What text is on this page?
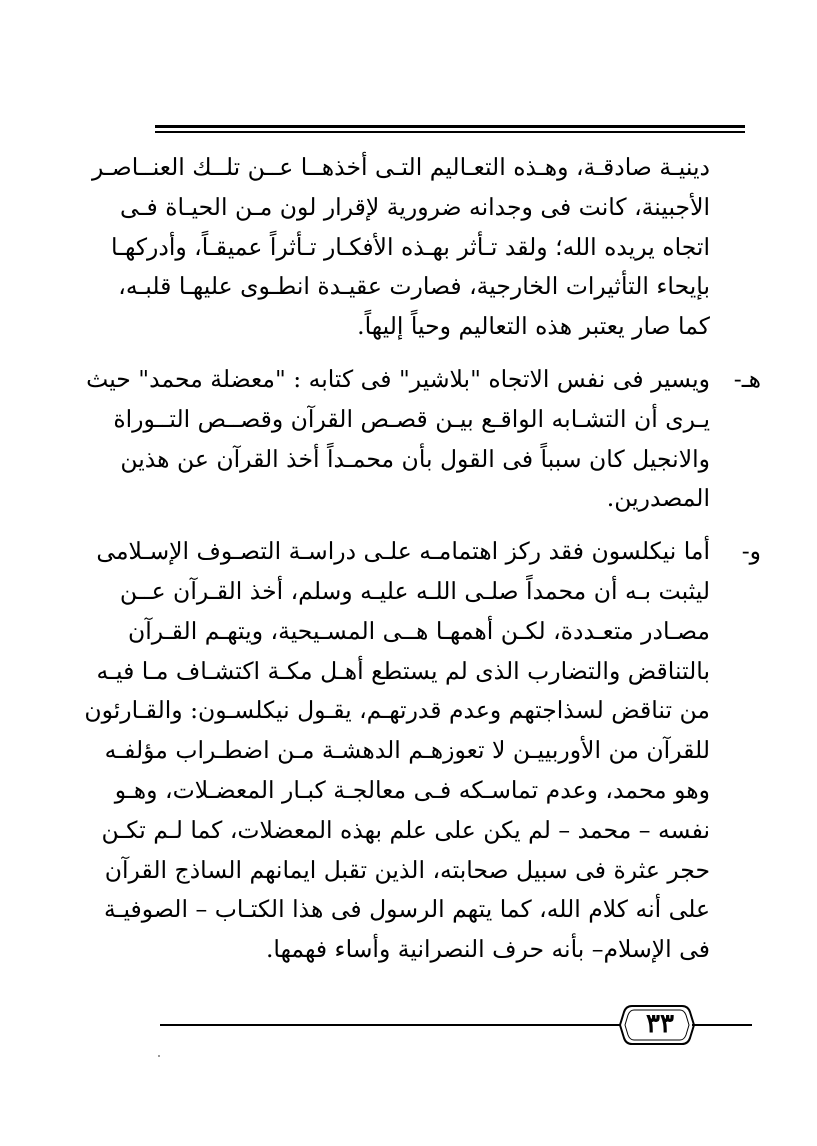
دينيـة صادقـة، وهـذه التعـاليم التـى أخذهــا عــن تلــك العنــاصـر
الأجبينة، كانت فى وجدانه ضرورية لإقرار لون مـن الحيـاة فـى
اتجاه يريده الله؛ ولقد تـأثر بهـذه الأفكـار تـأثراً عميقـاً، وأدركهـا
بإيحاء التأثيرات الخارجية، فصارت عقيـدة انطـوى عليهـا قلبـه،
كما صار يعتبر هذه التعاليم وحياً إليهاً.
هـ-
ويسير فى نفس الاتجاه "بلاشير" فى كتابه : "معضلة محمد" حيث
يـرى أن التشـابه الواقـع بيـن قصـص القرآن وقصــص التــوراة
والانجيل كان سبباً فى القول بأن محمـداً أخذ القرآن عن هذين
المصدرين.
و-
أما نيكلسون فقد ركز اهتمامـه علـى دراسـة التصـوف الإسـلامى
ليثبت بـه أن محمداً صلـى اللـه عليـه وسلم، أخذ القـرآن عــن
مصـادر متعـددة، لكـن أهمهـا هــى المسـيحية، ويتهـم القـرآن
بالتناقض والتضارب الذى لم يستطع أهـل مكـة اكتشـاف مـا فيـه
من تناقض لسذاجتهم وعدم قدرتهـم، يقـول نيكلسـون: والقـارئون
للقرآن من الأوربييـن لا تعوزهـم الدهشـة مـن اضطـراب مؤلفـه
وهو محمد، وعدم تماسـكه فـى معالجـة كبـار المعضـلات، وهـو
نفسه – محمد – لم يكن على علم بهذه المعضلات، كما لـم تكـن
حجر عثرة فى سبيل صحابته، الذين تقبل ايمانهم الساذج القرآن
على أنه كلام الله، كما يتهم الرسول فى هذا الكتـاب – الصوفيـة
فى الإسلام– بأنه حرف النصرانية وأساء فهمها.
٣٣
